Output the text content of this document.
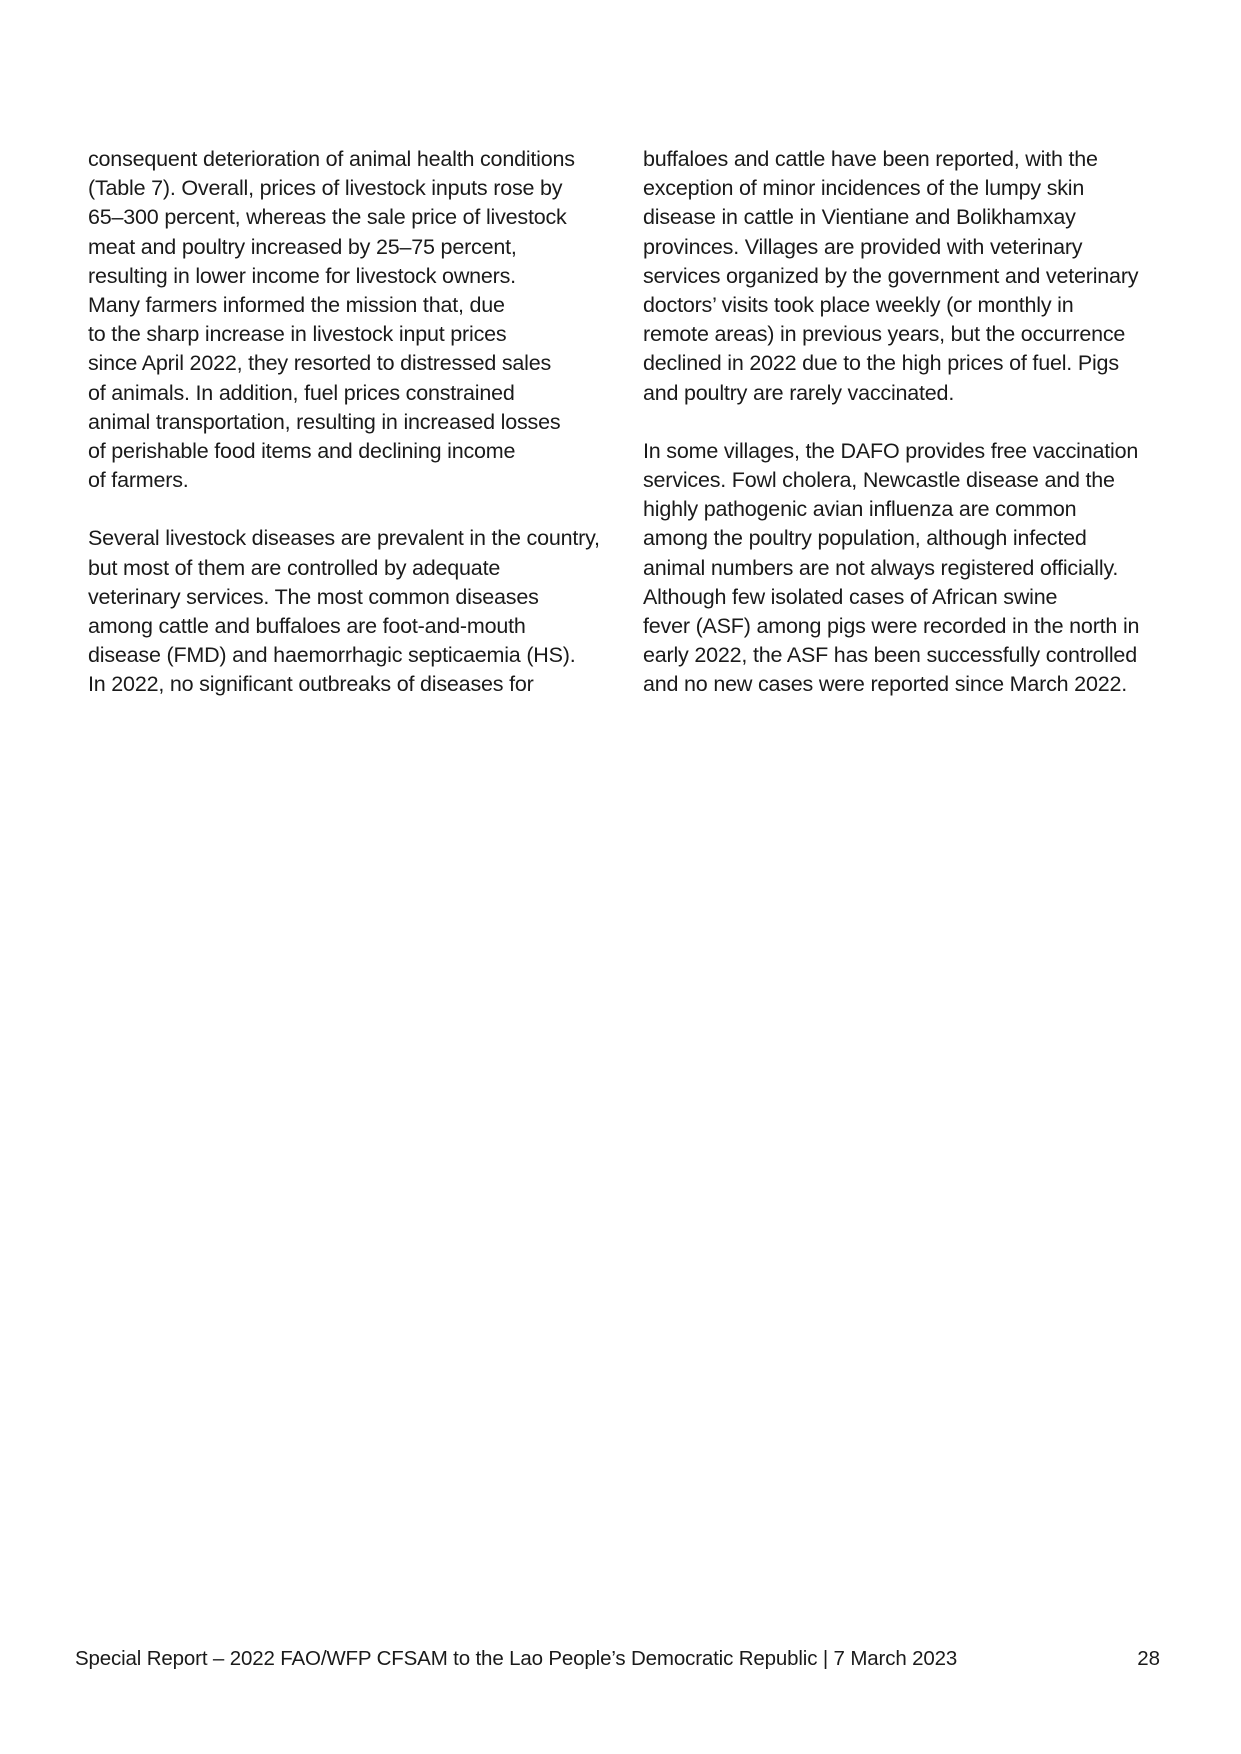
consequent deterioration of animal health conditions
(Table 7). Overall, prices of livestock inputs rose by
65–300 percent, whereas the sale price of livestock
meat and poultry increased by 25–75 percent,
resulting in lower income for livestock owners.
Many farmers informed the mission that, due
to the sharp increase in livestock input prices
since April 2022, they resorted to distressed sales
of animals. In addition, fuel prices constrained
animal transportation, resulting in increased losses
of perishable food items and declining income
of farmers.
Several livestock diseases are prevalent in the country,
but most of them are controlled by adequate
veterinary services. The most common diseases
among cattle and buffaloes are foot-and-mouth
disease (FMD) and haemorrhagic septicaemia (HS).
In 2022, no significant outbreaks of diseases for
buffaloes and cattle have been reported, with the
exception of minor incidences of the lumpy skin
disease in cattle in Vientiane and Bolikhamxay
provinces. Villages are provided with veterinary
services organized by the government and veterinary
doctors’ visits took place weekly (or monthly in
remote areas) in previous years, but the occurrence
declined in 2022 due to the high prices of fuel. Pigs
and poultry are rarely vaccinated.
In some villages, the DAFO provides free vaccination
services. Fowl cholera, Newcastle disease and the
highly pathogenic avian influenza are common
among the poultry population, although infected
animal numbers are not always registered officially.
Although few isolated cases of African swine
fever (ASF) among pigs were recorded in the north in
early 2022, the ASF has been successfully controlled
and no new cases were reported since March 2022.
Special Report – 2022 FAO/WFP CFSAM to the Lao People’s Democratic Republic | 7 March 2023	28
